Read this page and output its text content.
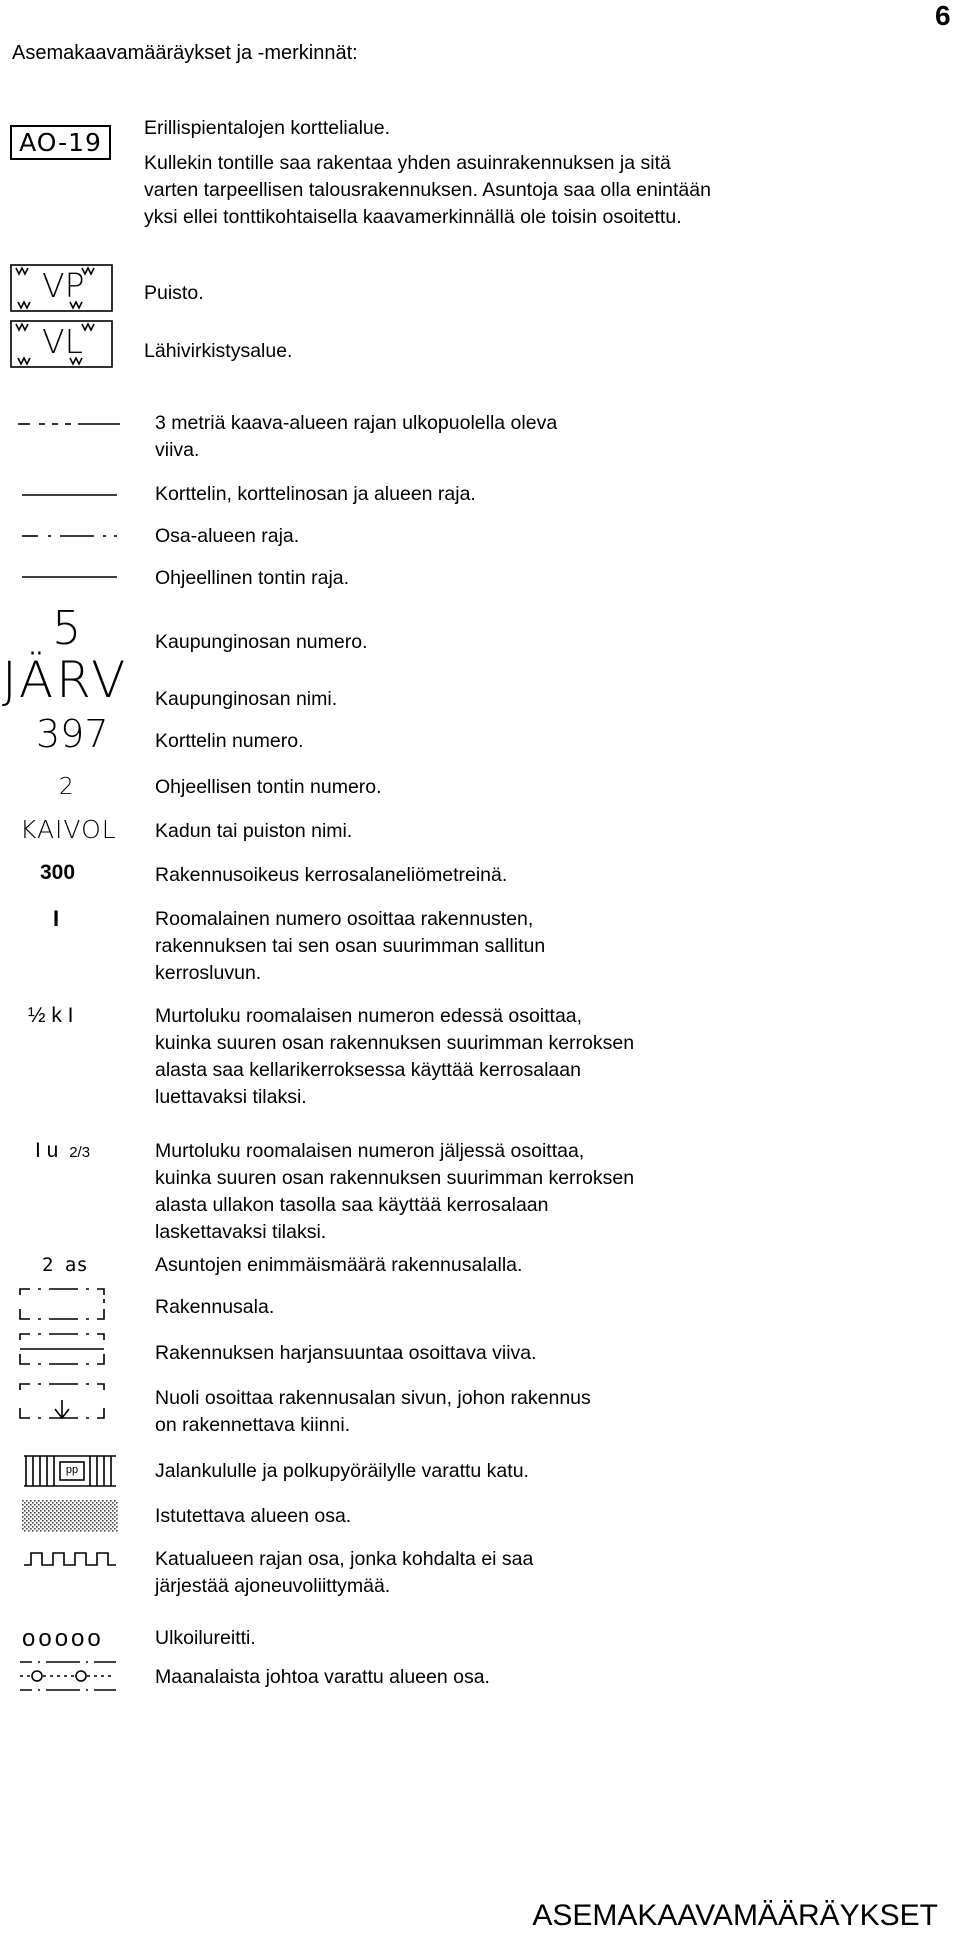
6
Asemakaavamääräykset ja -merkinnät:
AO-19	Erillispientalojen korttelialue.
Kullekin tontille saa rakentaa yhden asuinrakennuksen ja sitä
varten tarpeellisen talousrakennuksen. Asuntoja saa olla enintään
yksi ellei tonttikohtaisella kaavamerkinnällä ole toisin osoitettu.
VP	Puisto.
VL	Lähivirkistysalue.
3 metriä kaava-alueen rajan ulkopuolella oleva
viiva.
Korttelin, korttelinosan ja alueen raja.
Osa-alueen raja.
Ohjeellinen tontin raja.
5	Kaupunginosan numero.
JÄRV Kaupunginosan nimi.
397 Korttelin numero.
2	Ohjeellisen tontin numero.
KAIVOL Kadun tai puiston nimi.
300	Rakennusoikeus kerrosalaneliömetreinä.
I	Roomalainen numero osoittaa rakennusten,
rakennuksen tai sen osan suurimman sallitun
kerrosluvun.
½ k I	Murtoluku roomalaisen numeron edessä osoittaa,
kuinka suuren osan rakennuksen suurimman kerroksen
alasta saa kellarikerroksessa käyttää kerrosalaan
luettavaksi tilaksi.
I u 2/3	Murtoluku roomalaisen numeron jäljessä osoittaa,
kuinka suuren osan rakennuksen suurimman kerroksen
alasta ullakon tasolla saa käyttää kerrosalaan
laskettavaksi tilaksi.
2 as	Asuntojen enimmäismäärä rakennusalalla.
Rakennusala.
Rakennuksen harjansuuntaa osoittava viiva.
Nuoli osoittaa rakennusalan sivun, johon rakennus
on rakennettava kiinni.
pp	Jalankululle ja polkupyöräilylle varattu katu.
Istutettava alueen osa.
Katualueen rajan osa, jonka kohdalta ei saa
järjestää ajoneuvoliittymää.
ooooo	Ulkoilureitti.
Maanalaista johtoa varattu alueen osa.
ASEMAKAAVAMÄÄRÄYKSET
